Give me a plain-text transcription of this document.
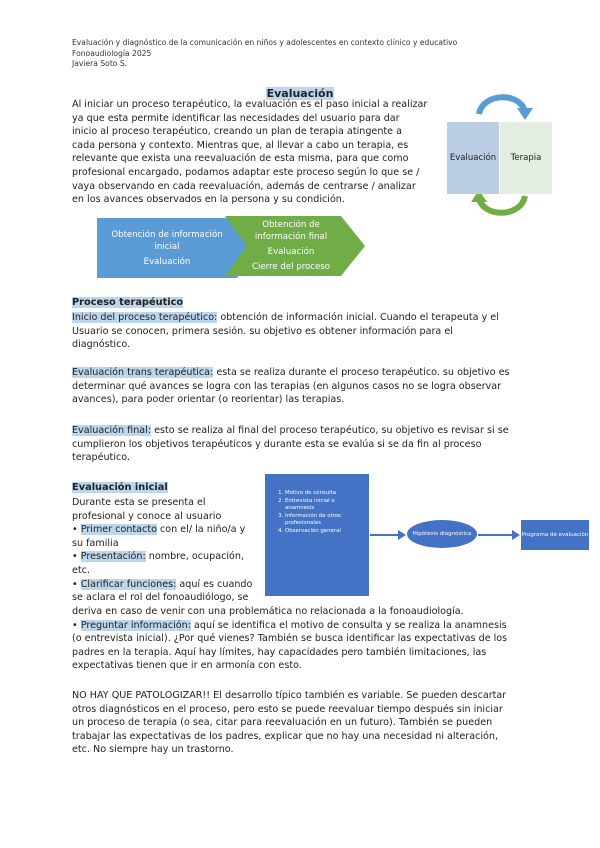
Evaluación y diagnóstico de la comunicación en niños y adolescentes en contexto clínico y educativo
Fonoaudiología 2025
Javiera Soto S.
Evaluación
Al iniciar un proceso terapéutico, la evaluación es el paso inicial a realizar
ya que esta permite identificar las necesidades del usuario para dar
inicio al proceso terapéutico, creando un plan de terapia atingente a
cada persona y contexto. Mientras que, al llevar a cabo un terapia, es
relevante que exista una reevaluación de esta misma, para que como
profesional encargado, podamos adaptar este proceso según lo que se /
vaya observando en cada reevaluación, además de centrarse / analizar
en los avances observados en la persona y su condición.
Evaluación	Terapia
Obtención de información
inicial
Evaluación
Obtención de
información final
Evaluación
Cierre del proceso
Proceso terapéutico
Inicio del proceso terapéutico: obtención de información inicial. Cuando el terapeuta y el
Usuario se conocen, primera sesión. su objetivo es obtener información para el
diagnóstico.
Evaluación trans terapéutica: esta se realiza durante el proceso terapéutico. su objetivo es
determinar qué avances se logra con las terapias (en algunos casos no se logra observar
avances), para poder orientar (o reorientar) las terapias.
Evaluación final: esto se realiza al final del proceso terapéutico, su objetivo es revisar si se
cumplieron los objetivos terapéuticos y durante esta se evalúa si se da fin al proceso
terapéutico.
Evaluación inicial
Durante esta se presenta el
profesional y conoce al usuario
• Primer contacto con el/ la niño/a y
su familia
• Presentación: nombre, ocupación,
etc.
• Clarificar funciones: aquí es cuando
se aclara el rol del fonoaudiólogo, se
deriva en caso de venir con una problemática no relacionada a la fonoaudiología.
• Preguntar información: aquí se identifica el motivo de consulta y se realiza la anamnesis
(o entrevista inicial). ¿Por qué vienes? También se busca identificar las expectativas de los
padres en la terapia. Aquí hay límites, hay capacidades pero también limitaciones, las
expectativas tienen que ir en armonía con esto.
1. Motivo de consulta
2. Entrevista inicial o anamnesis
3. Información de otros profesionales
4. Observación general	Hipótesis diagnóstica	Programa de evaluación
NO HAY QUE PATOLOGIZAR!! El desarrollo típico también es variable. Se pueden descartar
otros diagnósticos en el proceso, pero esto se puede reevaluar tiempo después sin iniciar
un proceso de terapia (o sea, citar para reevaluación en un futuro). También se pueden
trabajar las expectativas de los padres, explicar que no hay una necesidad ni alteración,
etc. No siempre hay un trastorno.
